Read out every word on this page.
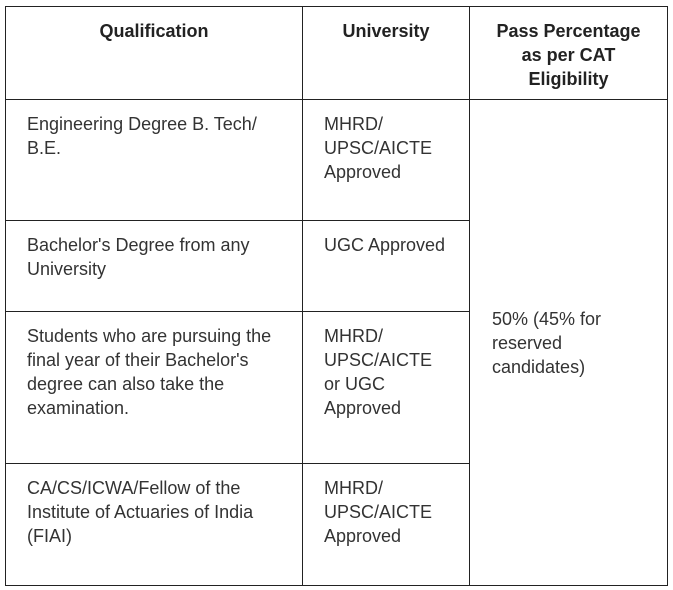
Qualification	University	Pass Percentage as per CAT Eligibility
Engineering Degree B. Tech/ B.E.	MHRD/ UPSC/AICTE Approved	50% (45% for reserved candidates)
Bachelor's Degree from any University	UGC Approved	
Students who are pursuing the final year of their Bachelor's degree can also take the examination.	MHRD/ UPSC/AICTE or UGC Approved	
CA/CS/ICWA/Fellow of the Institute of Actuaries of India (FIAI)	MHRD/ UPSC/AICTE Approved	
